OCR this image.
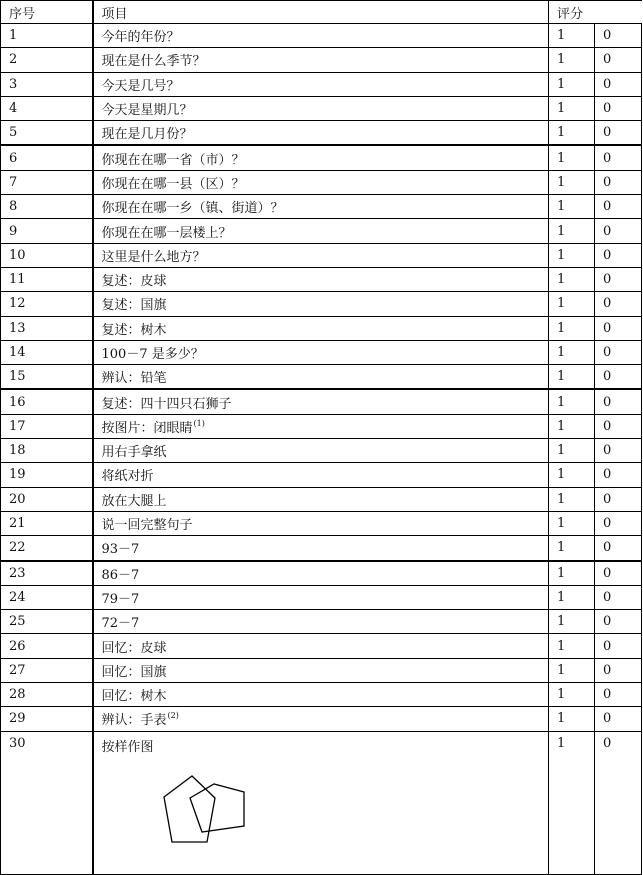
序号	项目	评分	
1	今年的年份？	1	0
2	现在是什么季节？	1	0
3	今天是几号？	1	0
4	今天是星期几？	1	0
5	现在是几月份？	1	0
6	你现在在哪一省（市）？	1	0
7	你现在在哪一县（区）？	1	0
8	你现在在哪一乡（镇、街道）？	1	0
9	你现在在哪一层楼上？	1	0
10	这里是什么地方？	1	0
11	复述：皮球	1	0
12	复述：国旗	1	0
13	复述：树木	1	0
14	100－7 是多少？	1	0
15	辨认：铅笔	1	0
16	复述：四十四只石狮子	1	0
17	按图片：闭眼睛$^{(1)}$	1	0
18	用右手拿纸	1	0
19	将纸对折	1	0
20	放在大腿上	1	0
21	说一回完整句子	1	0
22	93－7	1	0
23	86－7	1	0
24	79－7	1	0
25	72－7	1	0
26	回忆：皮球	1	0
27	回忆：国旗	1	0
28	回忆：树木	1	0
29	辨认：手表$^{(2)}$	1	0
30	按样作图	1	0
